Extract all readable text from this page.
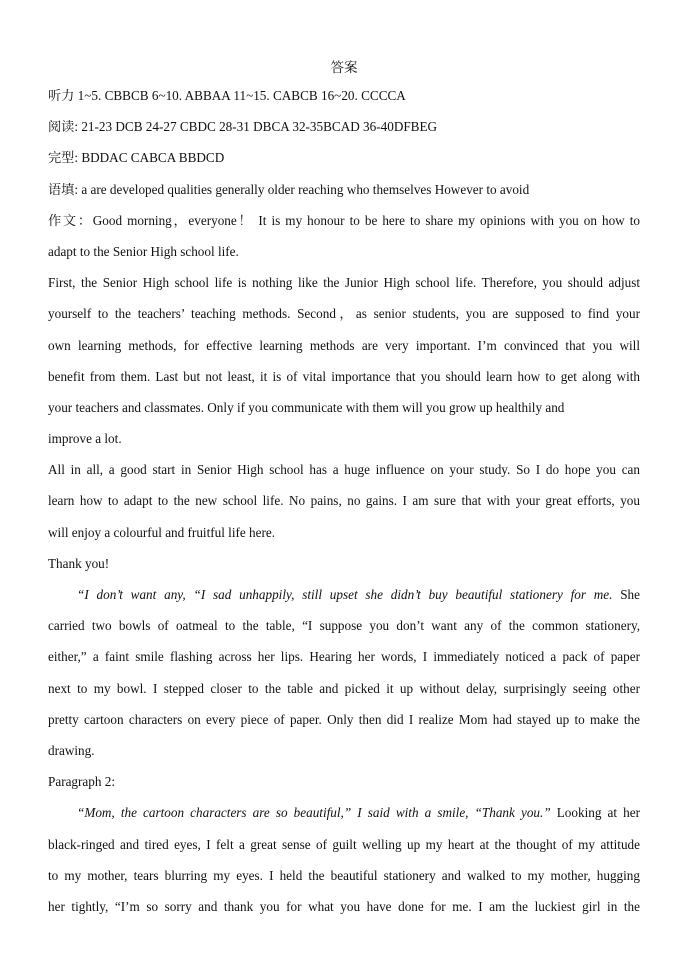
答案
听力 1~5. CBBCB 6~10. ABBAA 11~15. CABCB 16~20. CCCCA
阅读: 21-23 DCB 24-27 CBDC 28-31 DBCA 32-35BCAD 36-40DFBEG
完型: BDDAC CABCA BBDCD
语填: a are developed qualities generally older reaching who themselves However to avoid
作文：Good morning，everyone！ It is my honour to be here to share my opinions with you on how to
adapt to the Senior High school life.
First, the Senior High school life is nothing like the Junior High school life. Therefore, you should adjust
yourself to the teachers’ teaching methods. Second，as senior students, you are supposed to find your
own learning methods, for effective learning methods are very important. I’m convinced that you will
benefit from them. Last but not least, it is of vital importance that you should learn how to get along with
your teachers and classmates. Only if you communicate with them will you grow up healthily and
improve a lot.
All in all, a good start in Senior High school has a huge influence on your study. So I do hope you can
learn how to adapt to the new school life. No pains, no gains. I am sure that with your great efforts, you
will enjoy a colourful and fruitful life here.
Thank you!
“I don’t want any, “I sad unhappily, still upset she didn’t buy beautiful stationery for me. She
carried two bowls of oatmeal to the table, “I suppose you don’t want any of the common stationery,
either,” a faint smile flashing across her lips. Hearing her words, I immediately noticed a pack of paper
next to my bowl. I stepped closer to the table and picked it up without delay, surprisingly seeing other
pretty cartoon characters on every piece of paper. Only then did I realize Mom had stayed up to make the
drawing.
Paragraph 2:
“Mom, the cartoon characters are so beautiful,” I said with a smile, “Thank you.” Looking at her
black-ringed and tired eyes, I felt a great sense of guilt welling up my heart at the thought of my attitude
to my mother, tears blurring my eyes. I held the beautiful stationery and walked to my mother, hugging
her tightly, “I’m so sorry and thank you for what you have done for me. I am the luckiest girl in the
